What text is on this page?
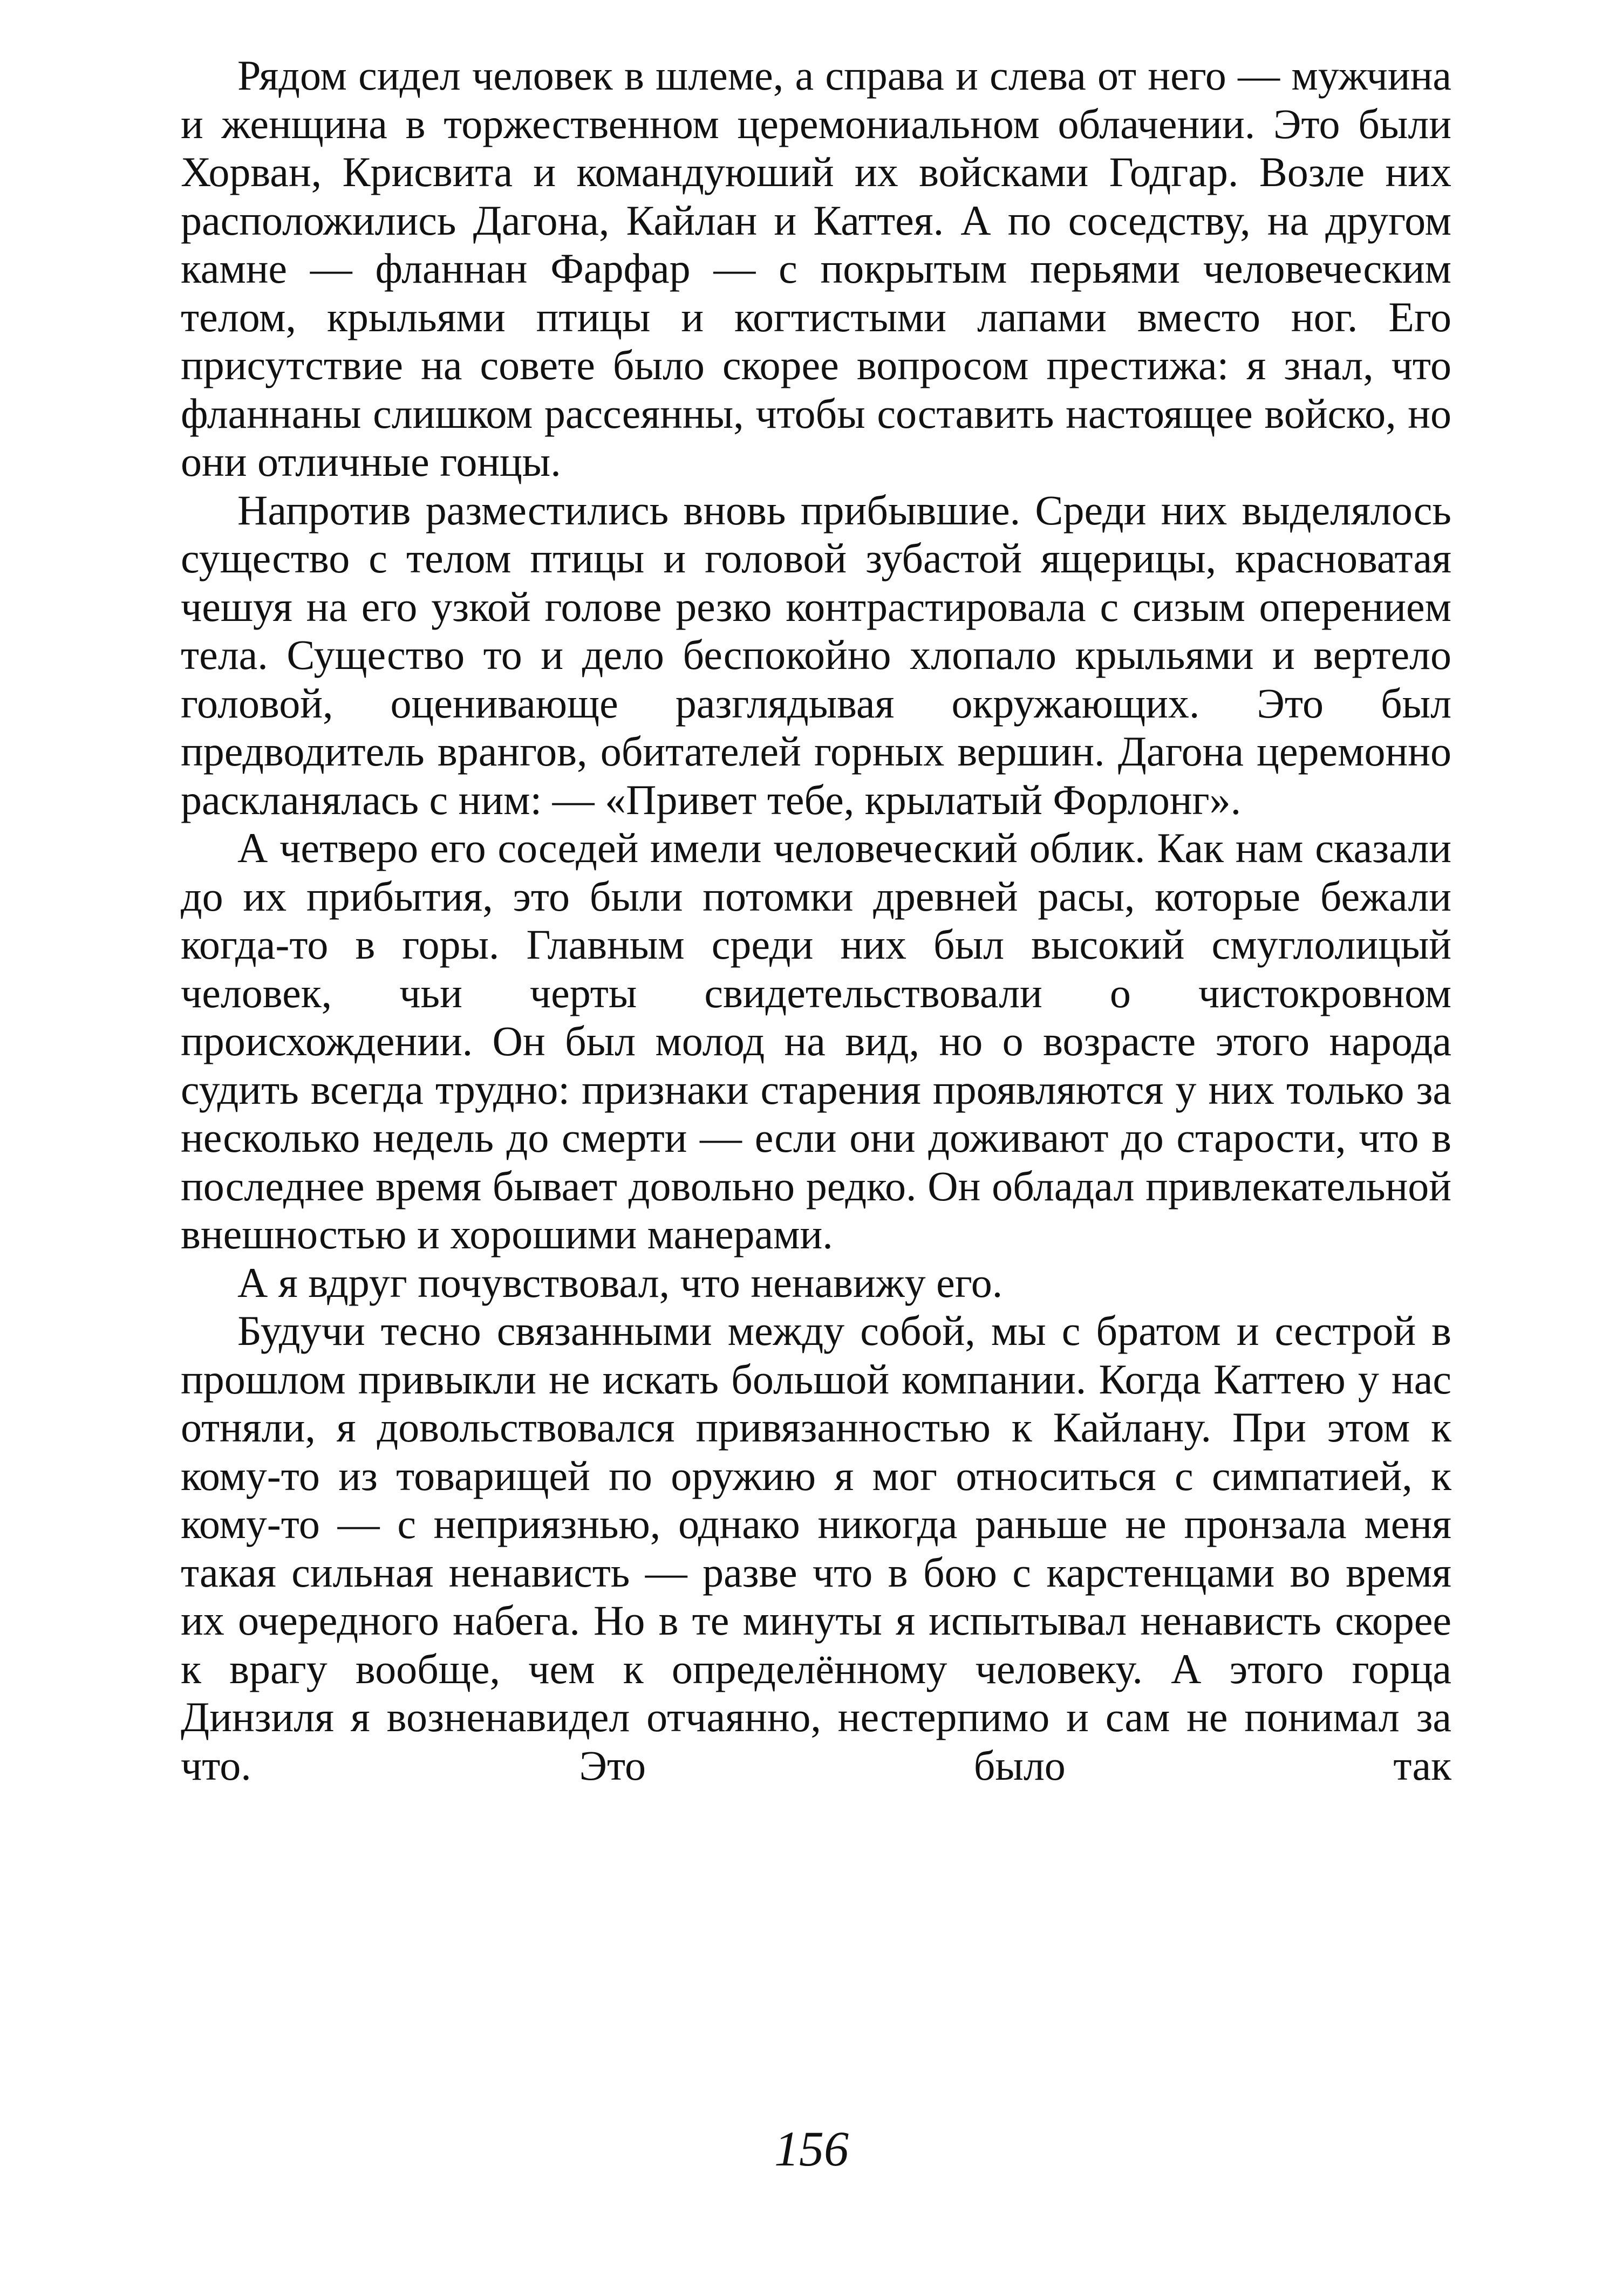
Рядом сидел человек в шлеме, а справа и слева от него — мужчина и женщина в торжественном церемониальном облачении. Это были Хорван, Крисвита и командуюший их войсками Годгар. Возле них расположились Дагона, Кайлан и Каттея. А по соседству, на другом камне — фланнан Фарфар — с покрытым перьями человеческим телом, крыльями птицы и когтистыми лапами вместо ног. Его присутствие на совете было скорее вопросом престижа: я знал, что фланнаны слишком рассеянны, чтобы составить настоящее войско, но они отличные гонцы.

Напротив разместились вновь прибывшие. Среди них выделялось существо с телом птицы и головой зубастой ящерицы, красноватая чешуя на его узкой голове резко контрастировала с сизым оперением тела. Существо то и дело беспокойно хлопало крыльями и вертело головой, оценивающе разглядывая окружающих. Это был предводитель врангов, обитателей горных вершин. Дагона церемонно раскланялась с ним: — «Привет тебе, крылатый Форлонг».

А четверо его соседей имели человеческий облик. Как нам сказали до их прибытия, это были потомки древней расы, которые бежали когда-то в горы. Главным среди них был высокий смуглолицый человек, чьи черты свидетельствовали о чистокровном происхождении. Он был молод на вид, но о возрасте этого народа судить всегда трудно: признаки старения проявляются у них только за несколько недель до смерти — если они доживают до старости, что в последнее время бывает довольно редко. Он обладал привлекательной внешностью и хорошими манерами.

А я вдруг почувствовал, что ненавижу его.

Будучи тесно связанными между собой, мы с братом и сестрой в прошлом привыкли не искать большой компании. Когда Каттею у нас отняли, я довольствовался привязанностью к Кайлану. При этом к кому-то из товарищей по оружию я мог относиться с симпатией, к кому-то — с неприязнью, однако никогда раньше не пронзала меня такая сильная ненависть — разве что в бою с карстенцами во время их очередного набега. Но в те минуты я испытывал ненависть скорее к врагу вообще, чем к определённому человеку. А этого горца Динзиля я возненавидел отчаянно, нестерпимо и сам не понимал за что. Это было так

156
